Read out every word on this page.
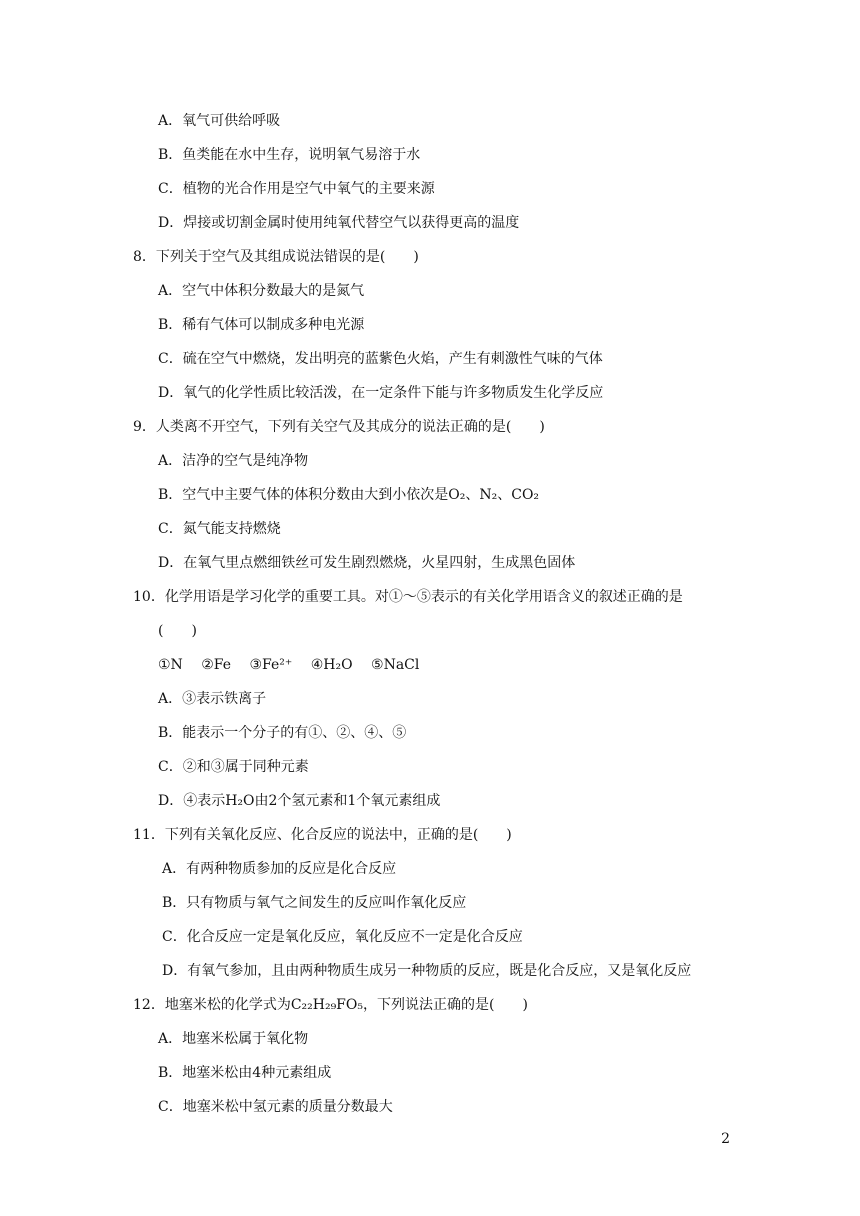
A．氧气可供给呼吸
B．鱼类能在水中生存，说明氧气易溶于水
C．植物的光合作用是空气中氧气的主要来源
D．焊接或切割金属时使用纯氧代替空气以获得更高的温度
8．下列关于空气及其组成说法错误的是(　　)
A．空气中体积分数最大的是氮气
B．稀有气体可以制成多种电光源
C．硫在空气中燃烧，发出明亮的蓝紫色火焰，产生有刺激性气味的气体
D．氧气的化学性质比较活泼，在一定条件下能与许多物质发生化学反应
9．人类离不开空气，下列有关空气及其成分的说法正确的是(　　)
A．洁净的空气是纯净物
B．空气中主要气体的体积分数由大到小依次是O₂、N₂、CO₂
C．氮气能支持燃烧
D．在氧气里点燃细铁丝可发生剧烈燃烧，火星四射，生成黑色固体
10．化学用语是学习化学的重要工具。对①～⑤表示的有关化学用语含义的叙述正确的是
(　　)
①N　 ②Fe　 ③Fe²⁺　 ④H₂O　 ⑤NaCl
A．③表示铁离子
B．能表示一个分子的有①、②、④、⑤
C．②和③属于同种元素
D．④表示H₂O由2个氢元素和1个氧元素组成
11．下列有关氧化反应、化合反应的说法中，正确的是(　　)
A．有两种物质参加的反应是化合反应
B．只有物质与氧气之间发生的反应叫作氧化反应
C．化合反应一定是氧化反应，氧化反应不一定是化合反应
D．有氧气参加，且由两种物质生成另一种物质的反应，既是化合反应，又是氧化反应
12．地塞米松的化学式为C₂₂H₂₉FO₅，下列说法正确的是(　　)
A．地塞米松属于氧化物
B．地塞米松由4种元素组成
C．地塞米松中氢元素的质量分数最大
2
